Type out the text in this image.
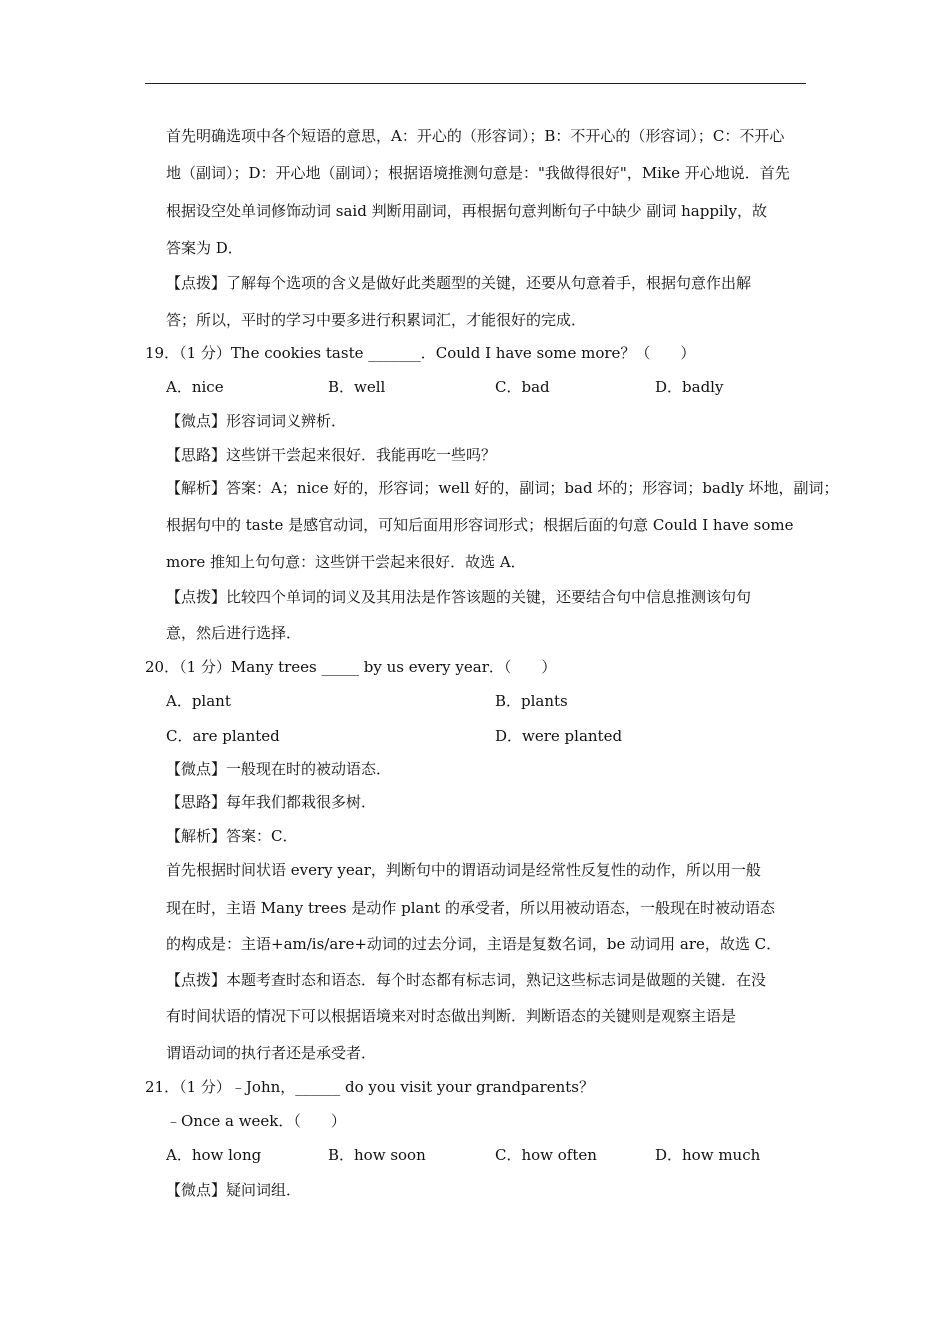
首先明确选项中各个短语的意思，A：开心的（形容词）；B：不开心的（形容词）；C：不开心
地（副词）；D：开心地（副词）；根据语境推测句意是："我做得很好"，Mike 开心地说．首先
根据设空处单词修饰动词 said 判断用副词，再根据句意判断句子中缺少 副词 happily，故
答案为 D．
【点拨】了解每个选项的含义是做好此类题型的关键，还要从句意着手，根据句意作出解
答；所以，平时的学习中要多进行积累词汇，才能很好的完成．
19．（1 分）The cookies taste _______．Could I have some more？（　　）
A．nice	B．well	C．bad	D．badly
【微点】形容词词义辨析．
【思路】这些饼干尝起来很好．我能再吃一些吗？
【解析】答案：A；nice 好的，形容词；well 好的，副词；bad 坏的；形容词；badly 坏地，副词；
根据句中的 taste 是感官动词，可知后面用形容词形式；根据后面的句意 Could I have some
more 推知上句句意：这些饼干尝起来很好．故选 A．
【点拨】比较四个单词的词义及其用法是作答该题的关键，还要结合句中信息推测该句句
意，然后进行选择．
20．（1 分）Many trees _____ by us every year．（　　）
A．plant	B．plants
C．are planted	D．were planted
【微点】一般现在时的被动语态．
【思路】每年我们都栽很多树．
【解析】答案：C．
首先根据时间状语 every year，判断句中的谓语动词是经常性反复性的动作，所以用一般
现在时，主语 Many trees 是动作 plant 的承受者，所以用被动语态，一般现在时被动语态
的构成是：主语+am/is/are+动词的过去分词，主语是复数名词，be 动词用 are，故选 C．
【点拨】本题考查时态和语态．每个时态都有标志词，熟记这些标志词是做题的关键．在没
有时间状语的情况下可以根据语境来对时态做出判断．判断语态的关键则是观察主语是
谓语动词的执行者还是承受者．
21．（1 分）﹣John，______ do you visit your grandparents？
﹣Once a week．（　　）
A．how long	B．how soon	C．how often	D．how much
【微点】疑问词组．
